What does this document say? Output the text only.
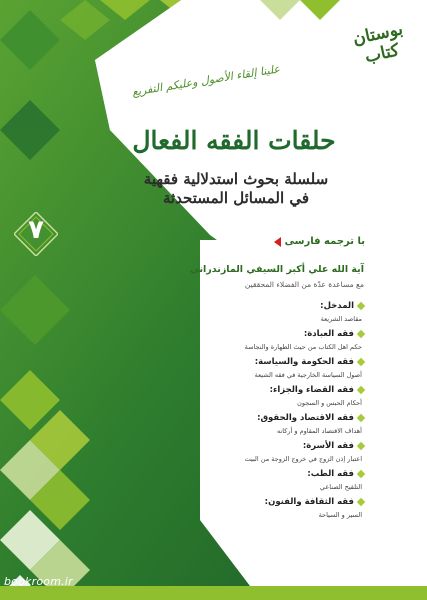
بوستان کتاب
علينا إلقاء الأصول وعليكم التفريع
حلقات الفقه الفعال
سلسلة بحوث استدلالية فقهية
في المسائل المستحدثة
۷	با ترجمه فارسی
آية الله علي أكبر السيفي المازندراني
مع مساعدة عدّة من الفضلاء المحققين
المدخل:
مقاصد الشريعة
فقه العبادة:
حكم اهل الكتاب من حيث الطهارة والنجاسة
فقه الحكومة والسياسة:
أصول السياسة الخارجية في فقه الشيعة
فقه القضاء والجزاء:
أحكام الحبس و السجون
فقه الاقتصاد والحقوق:
أهداف الاقتصاد المقاوم و أركانه
فقه الأسرة:
اعتبار إذن الزوج في خروج الزوجة من البيت
فقه الطب:
التلقيح الصناعي
فقه الثقافة والفنون:
السير و السياحة
bookroom.ir
